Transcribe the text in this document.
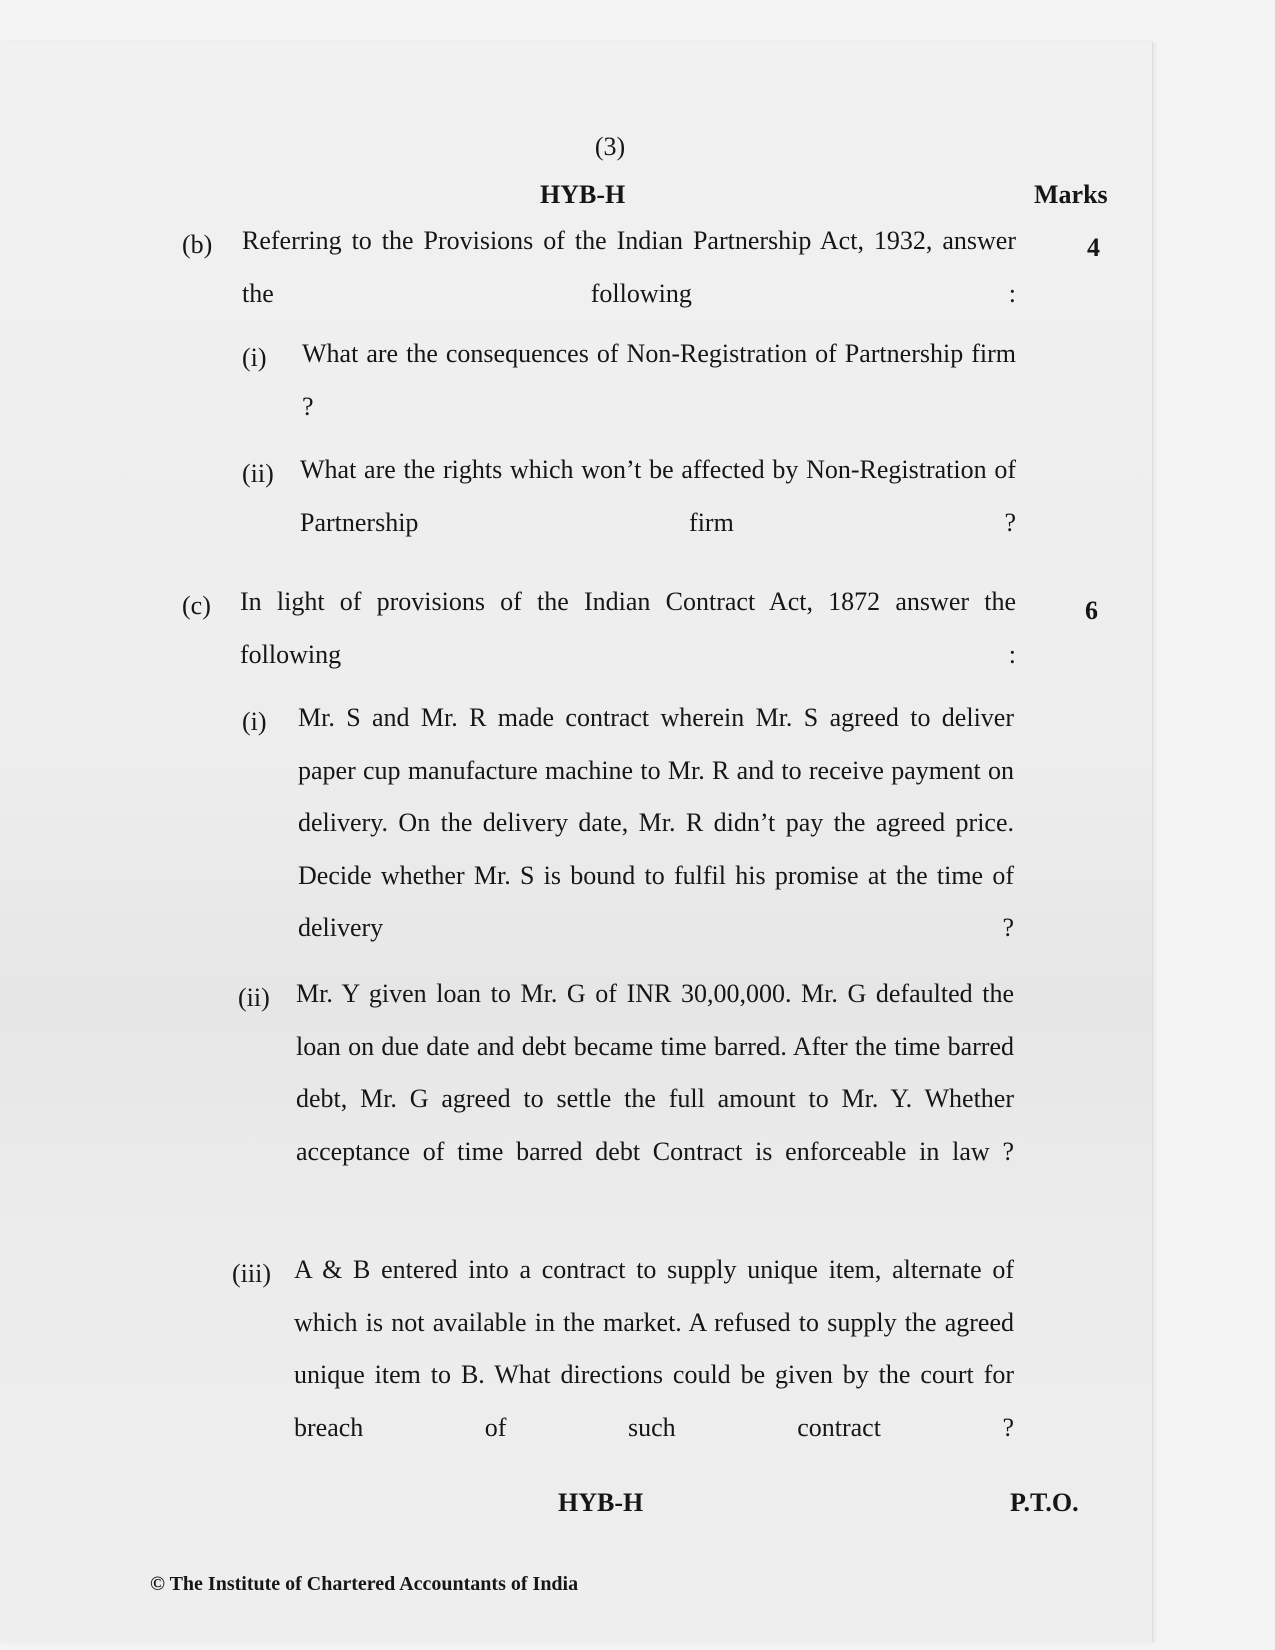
(3)
HYB-H	Marks
(b) Referring to the Provisions of the Indian Partnership Act, 1932, answer the following :
4
(i) What are the consequences of Non-Registration of Partnership firm ?
(ii) What are the rights which won’t be affected by Non-Registration of Partnership firm ?
(c) In light of provisions of the Indian Contract Act, 1872 answer the following :
6
(i) Mr. S and Mr. R made contract wherein Mr. S agreed to deliver paper cup manufacture machine to Mr. R and to receive payment on delivery. On the delivery date, Mr. R didn’t pay the agreed price. Decide whether Mr. S is bound to fulfil his promise at the time of delivery ?
(ii) Mr. Y given loan to Mr. G of INR 30,00,000. Mr. G defaulted the loan on due date and debt became time barred. After the time barred debt, Mr. G agreed to settle the full amount to Mr. Y. Whether acceptance of time barred debt Contract is enforceable in law ?
(iii) A & B entered into a contract to supply unique item, alternate of which is not available in the market. A refused to supply the agreed unique item to B. What directions could be given by the court for breach of such contract ?
HYB-H	P.T.O.
© The Institute of Chartered Accountants of India
